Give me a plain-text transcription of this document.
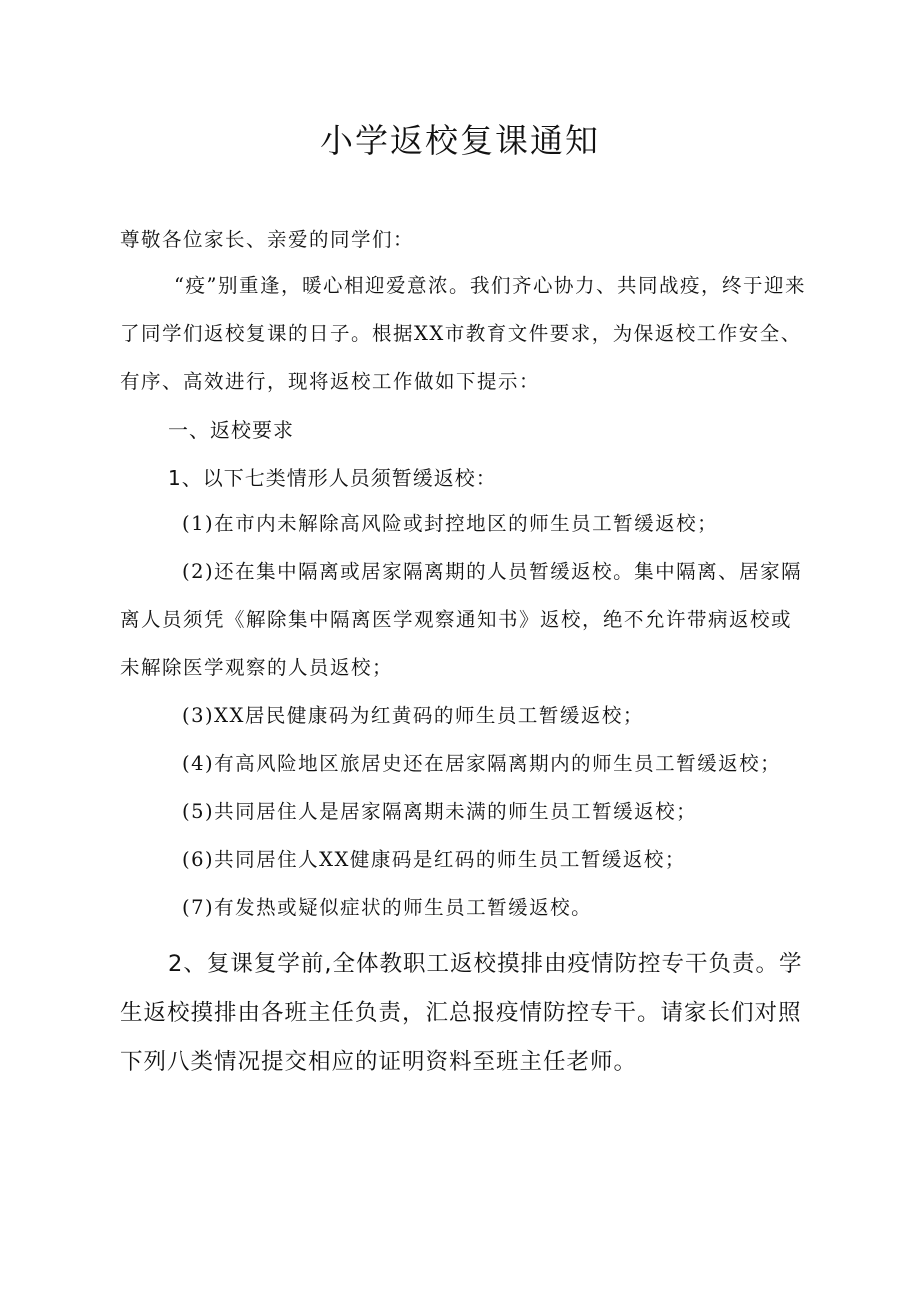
小学返校复课通知

尊敬各位家长、亲爱的同学们：

“疫”别重逢，暖心相迎爱意浓。我们齐心协力、共同战疫，终于迎来了同学们返校复课的日子。根据XX市教育文件要求，为保返校工作安全、有序、高效进行，现将返校工作做如下提示：

一、返校要求

1、以下七类情形人员须暂缓返校：

(1)在市内未解除高风险或封控地区的师生员工暂缓返校；

(2)还在集中隔离或居家隔离期的人员暂缓返校。集中隔离、居家隔离人员须凭《解除集中隔离医学观察通知书》返校，绝不允许带病返校或未解除医学观察的人员返校；

(3)XX居民健康码为红黄码的师生员工暂缓返校；

(4)有高风险地区旅居史还在居家隔离期内的师生员工暂缓返校；

(5)共同居住人是居家隔离期未满的师生员工暂缓返校；

(6)共同居住人XX健康码是红码的师生员工暂缓返校；

(7)有发热或疑似症状的师生员工暂缓返校。

2、复课复学前,全体教职工返校摸排由疫情防控专干负责。学生返校摸排由各班主任负责，汇总报疫情防控专干。请家长们对照下列八类情况提交相应的证明资料至班主任老师。
